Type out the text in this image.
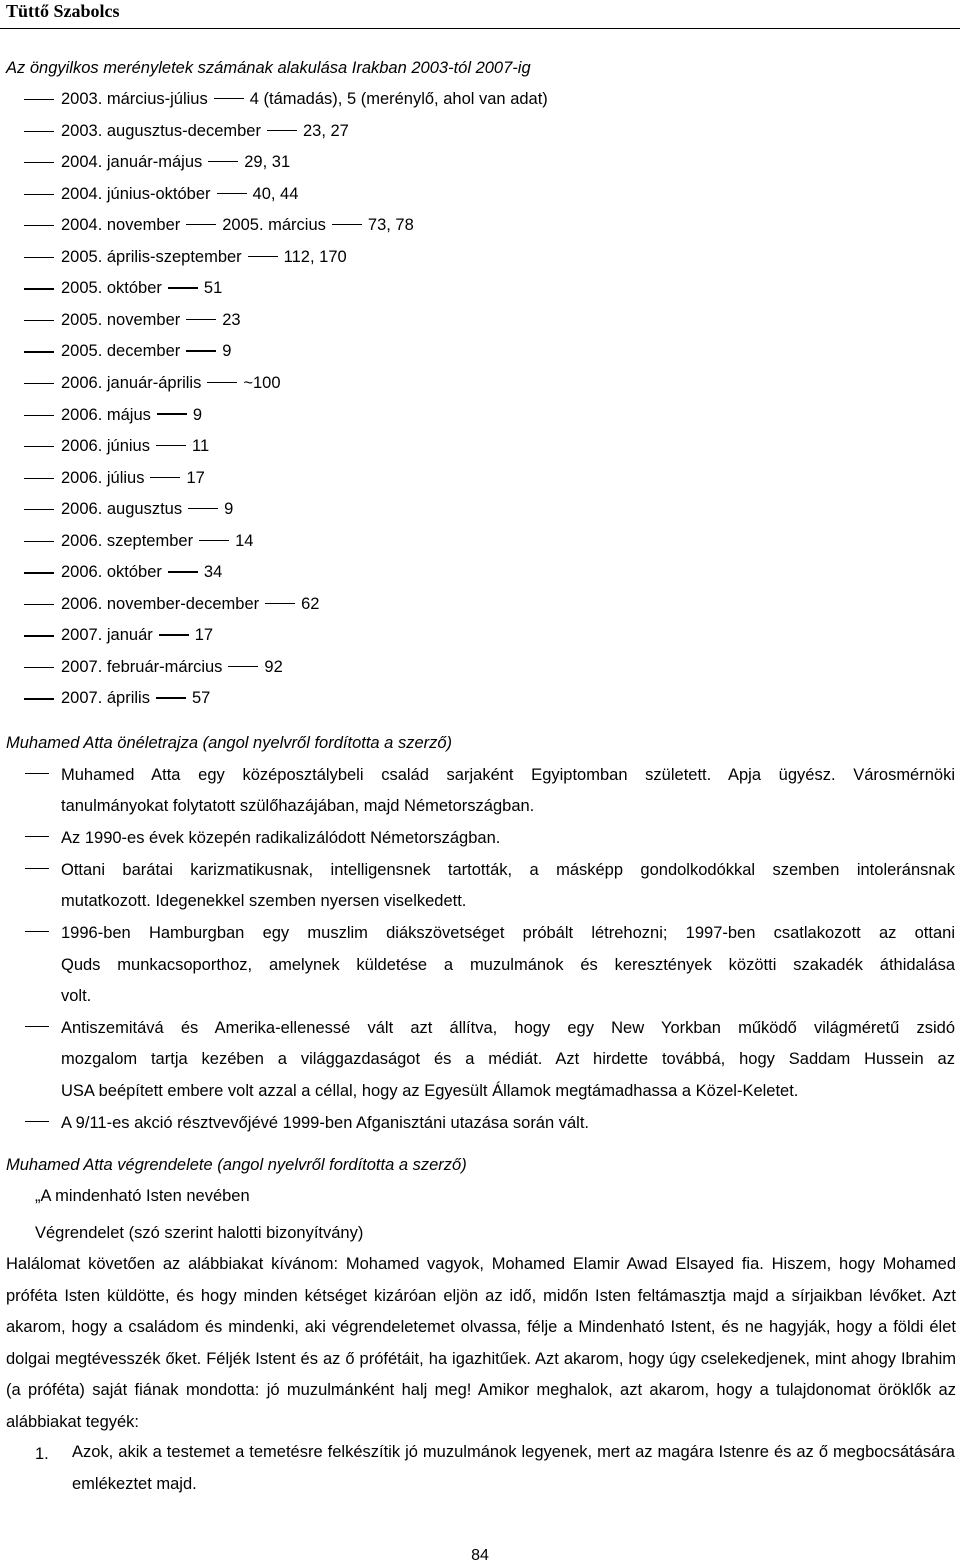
Tüttő Szabolcs
Az öngyilkos merényletek számának alakulása Irakban 2003-tól 2007-ig
2003. március-július	4 (támadás), 5 (merénylő, ahol van adat)
2003. augusztus-december	23, 27
2004. január-május	29, 31
2004. június-október	40, 44
2004. november	2005. március	73, 78
2005. április-szeptember	112, 170
2005. október	51
2005. november	23
2005. december	9
2006. január-április	~100
2006. május	9
2006. június	11
2006. július	17
2006. augusztus	9
2006. szeptember	14
2006. október	34
2006. november-december	62
2007. január	17
2007. február-március	92
2007. április	57
Muhamed Atta önéletrajza (angol nyelvről fordította a szerző)
Muhamed Atta egy középosztálybeli család sarjaként Egyiptomban született. Apja ügyész. Városmérnöki
tanulmányokat folytatott szülőhazájában, majd Németországban.
Az 1990-es évek közepén radikalizálódott Németországban.
Ottani barátai karizmatikusnak, intelligensnek tartották, a másképp gondolkodókkal szemben intoleránsnak
mutatkozott. Idegenekkel szemben nyersen viselkedett.
1996-ben Hamburgban egy muszlim diákszövetséget próbált létrehozni; 1997-ben csatlakozott az ottani
Quds munkacsoporthoz, amelynek küldetése a muzulmánok és keresztények közötti szakadék áthidalása
volt.
Antiszemitává és Amerika-ellenessé vált azt állítva, hogy egy New Yorkban működő világméretű zsidó
mozgalom tartja kezében a világgazdaságot és a médiát. Azt hirdette továbbá, hogy Saddam Hussein az
USA beépített embere volt azzal a céllal, hogy az Egyesült Államok megtámadhassa a Közel-Keletet.
A 9/11-es akció résztvevőjévé 1999-ben Afganisztáni utazása során vált.
Muhamed Atta végrendelete (angol nyelvről fordította a szerző)
„A mindenható Isten nevében
Végrendelet (szó szerint halotti bizonyítvány)
Halálomat követően az alábbiakat kívánom: Mohamed vagyok, Mohamed Elamir Awad Elsayed fia. Hiszem, hogy Mohamed próféta Isten küldötte, és hogy minden kétséget kizáróan eljön az idő, midőn Isten feltámasztja majd a sírjaikban lévőket. Azt akarom, hogy a családom és mindenki, aki végrendeletemet olvassa, félje a Mindenható Istent, és ne hagyják, hogy a földi élet dolgai megtévesszék őket. Féljék Istent és az ő prófétáit, ha igazhitűek. Azt akarom, hogy úgy cselekedjenek, mint ahogy Ibrahim (a próféta) saját fiának mondotta: jó muzulmánként halj meg! Amikor meghalok, azt akarom, hogy a tulajdonomat öröklők az alábbiakat tegyék:
1. Azok, akik a testemet a temetésre felkészítik jó muzulmánok legyenek, mert az magára Istenre és az ő megbocsátására emlékeztet majd.
84
